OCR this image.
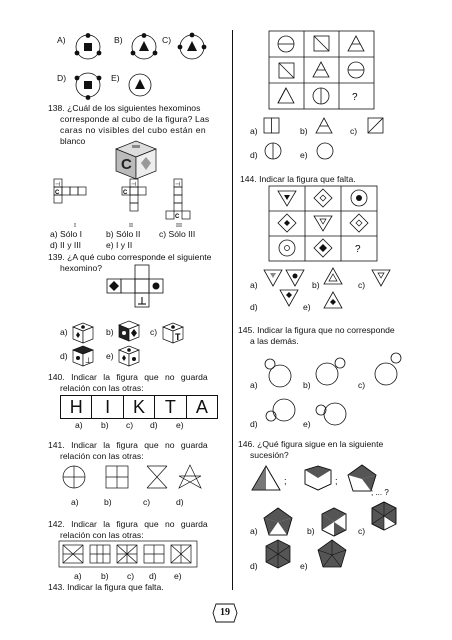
A)	B)	C)
D)	E)
138. ¿Cuál de los siguientes hexominos
corresponde al cubo de la figura? Las
caras no visibles del cubo están en
blanco
C
⊣
C
⊣
C
⊣
C
I	II	III
a) Sólo I	b) Sólo II c) Sólo III
d) II y III	e) I y II
139. ¿A qué cubo corresponde el siguiente
hexomino?
a)	b)	c) T
d) ⊥ e)
140. Indicar la figura que no guarda
relación con las otras:
H	I	K	T	A
a) b) c) d) e)
141. Indicar la figura que no guarda
relación con las otras:
a)	b)	c)	d)
142. Indicar la figura que no guarda
relación con las otras:
a) b) c) d) e)
143. Indicar la figura que falta.
?
a)	b)	c)
d)	e)
144. Indicar la figura que falta.
?
a)	b)	c)
d)	e)
145. Indicar la figura que no corresponde
a las demás.
a)	b)	c)
d)	e)
146. ¿Qué figura sigue en la siguiente
sucesión?
;	;
; ... ?
a)	b)	c)
d)	e)
19
